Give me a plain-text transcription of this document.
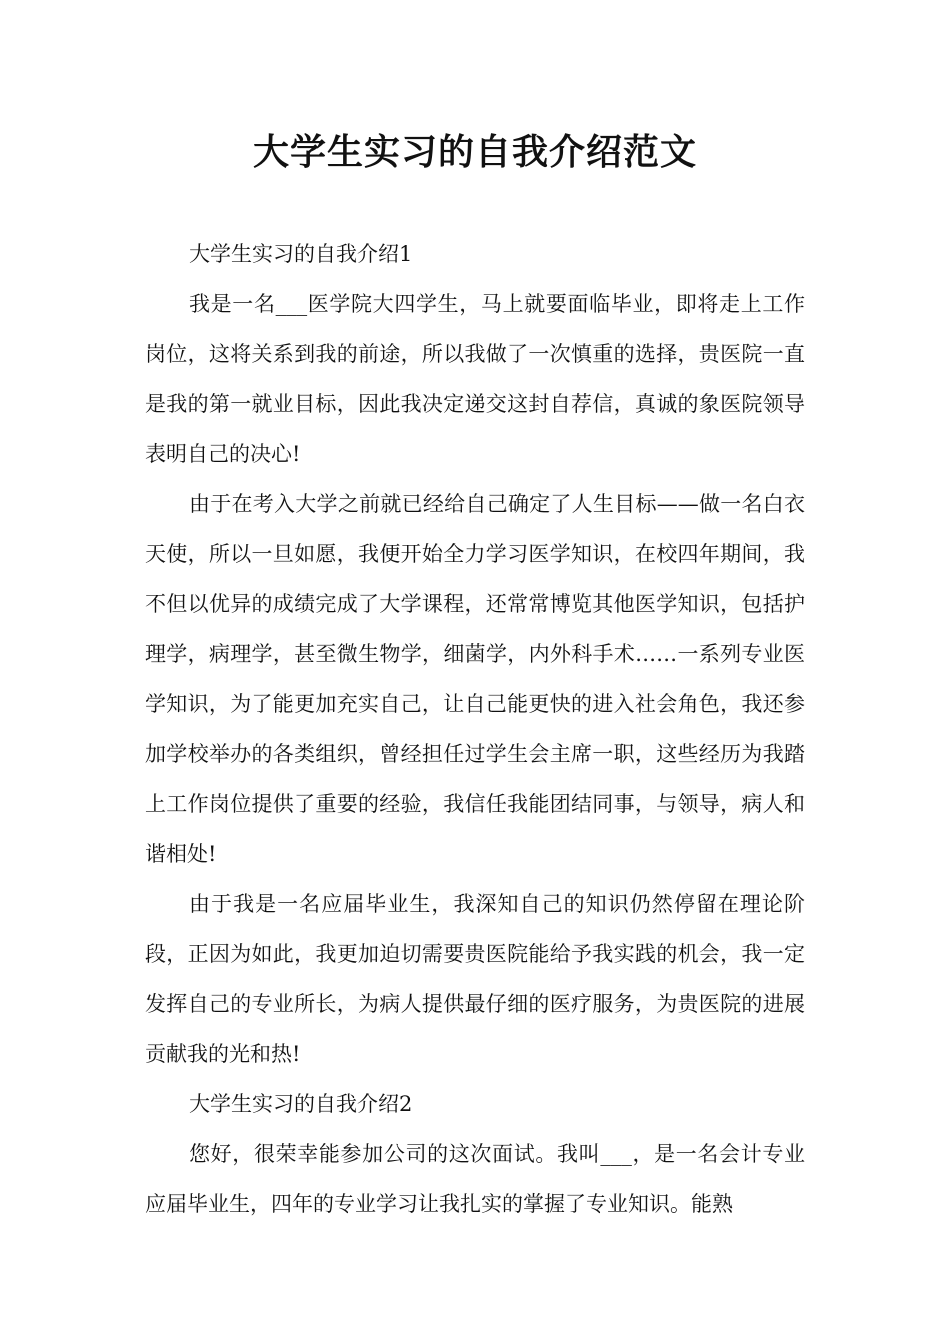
大学生实习的自我介绍范文

大学生实习的自我介绍1

我是一名___医学院大四学生，马上就要面临毕业，即将走上工作岗位，这将关系到我的前途，所以我做了一次慎重的选择，贵医院一直是我的第一就业目标，因此我决定递交这封自荐信，真诚的象医院领导表明自己的决心!

由于在考入大学之前就已经给自己确定了人生目标——做一名白衣天使，所以一旦如愿，我便开始全力学习医学知识，在校四年期间，我不但以优异的成绩完成了大学课程，还常常博览其他医学知识，包括护理学，病理学，甚至微生物学，细菌学，内外科手术……一系列专业医学知识，为了能更加充实自己，让自己能更快的进入社会角色，我还参加学校举办的各类组织，曾经担任过学生会主席一职，这些经历为我踏上工作岗位提供了重要的经验，我信任我能团结同事，与领导，病人和谐相处!

由于我是一名应届毕业生，我深知自己的知识仍然停留在理论阶段，正因为如此，我更加迫切需要贵医院能给予我实践的机会，我一定发挥自己的专业所长，为病人提供最仔细的医疗服务，为贵医院的进展贡献我的光和热!

大学生实习的自我介绍2

您好，很荣幸能参加公司的这次面试。我叫___，是一名会计专业应届毕业生，四年的专业学习让我扎实的掌握了专业知识。能熟
